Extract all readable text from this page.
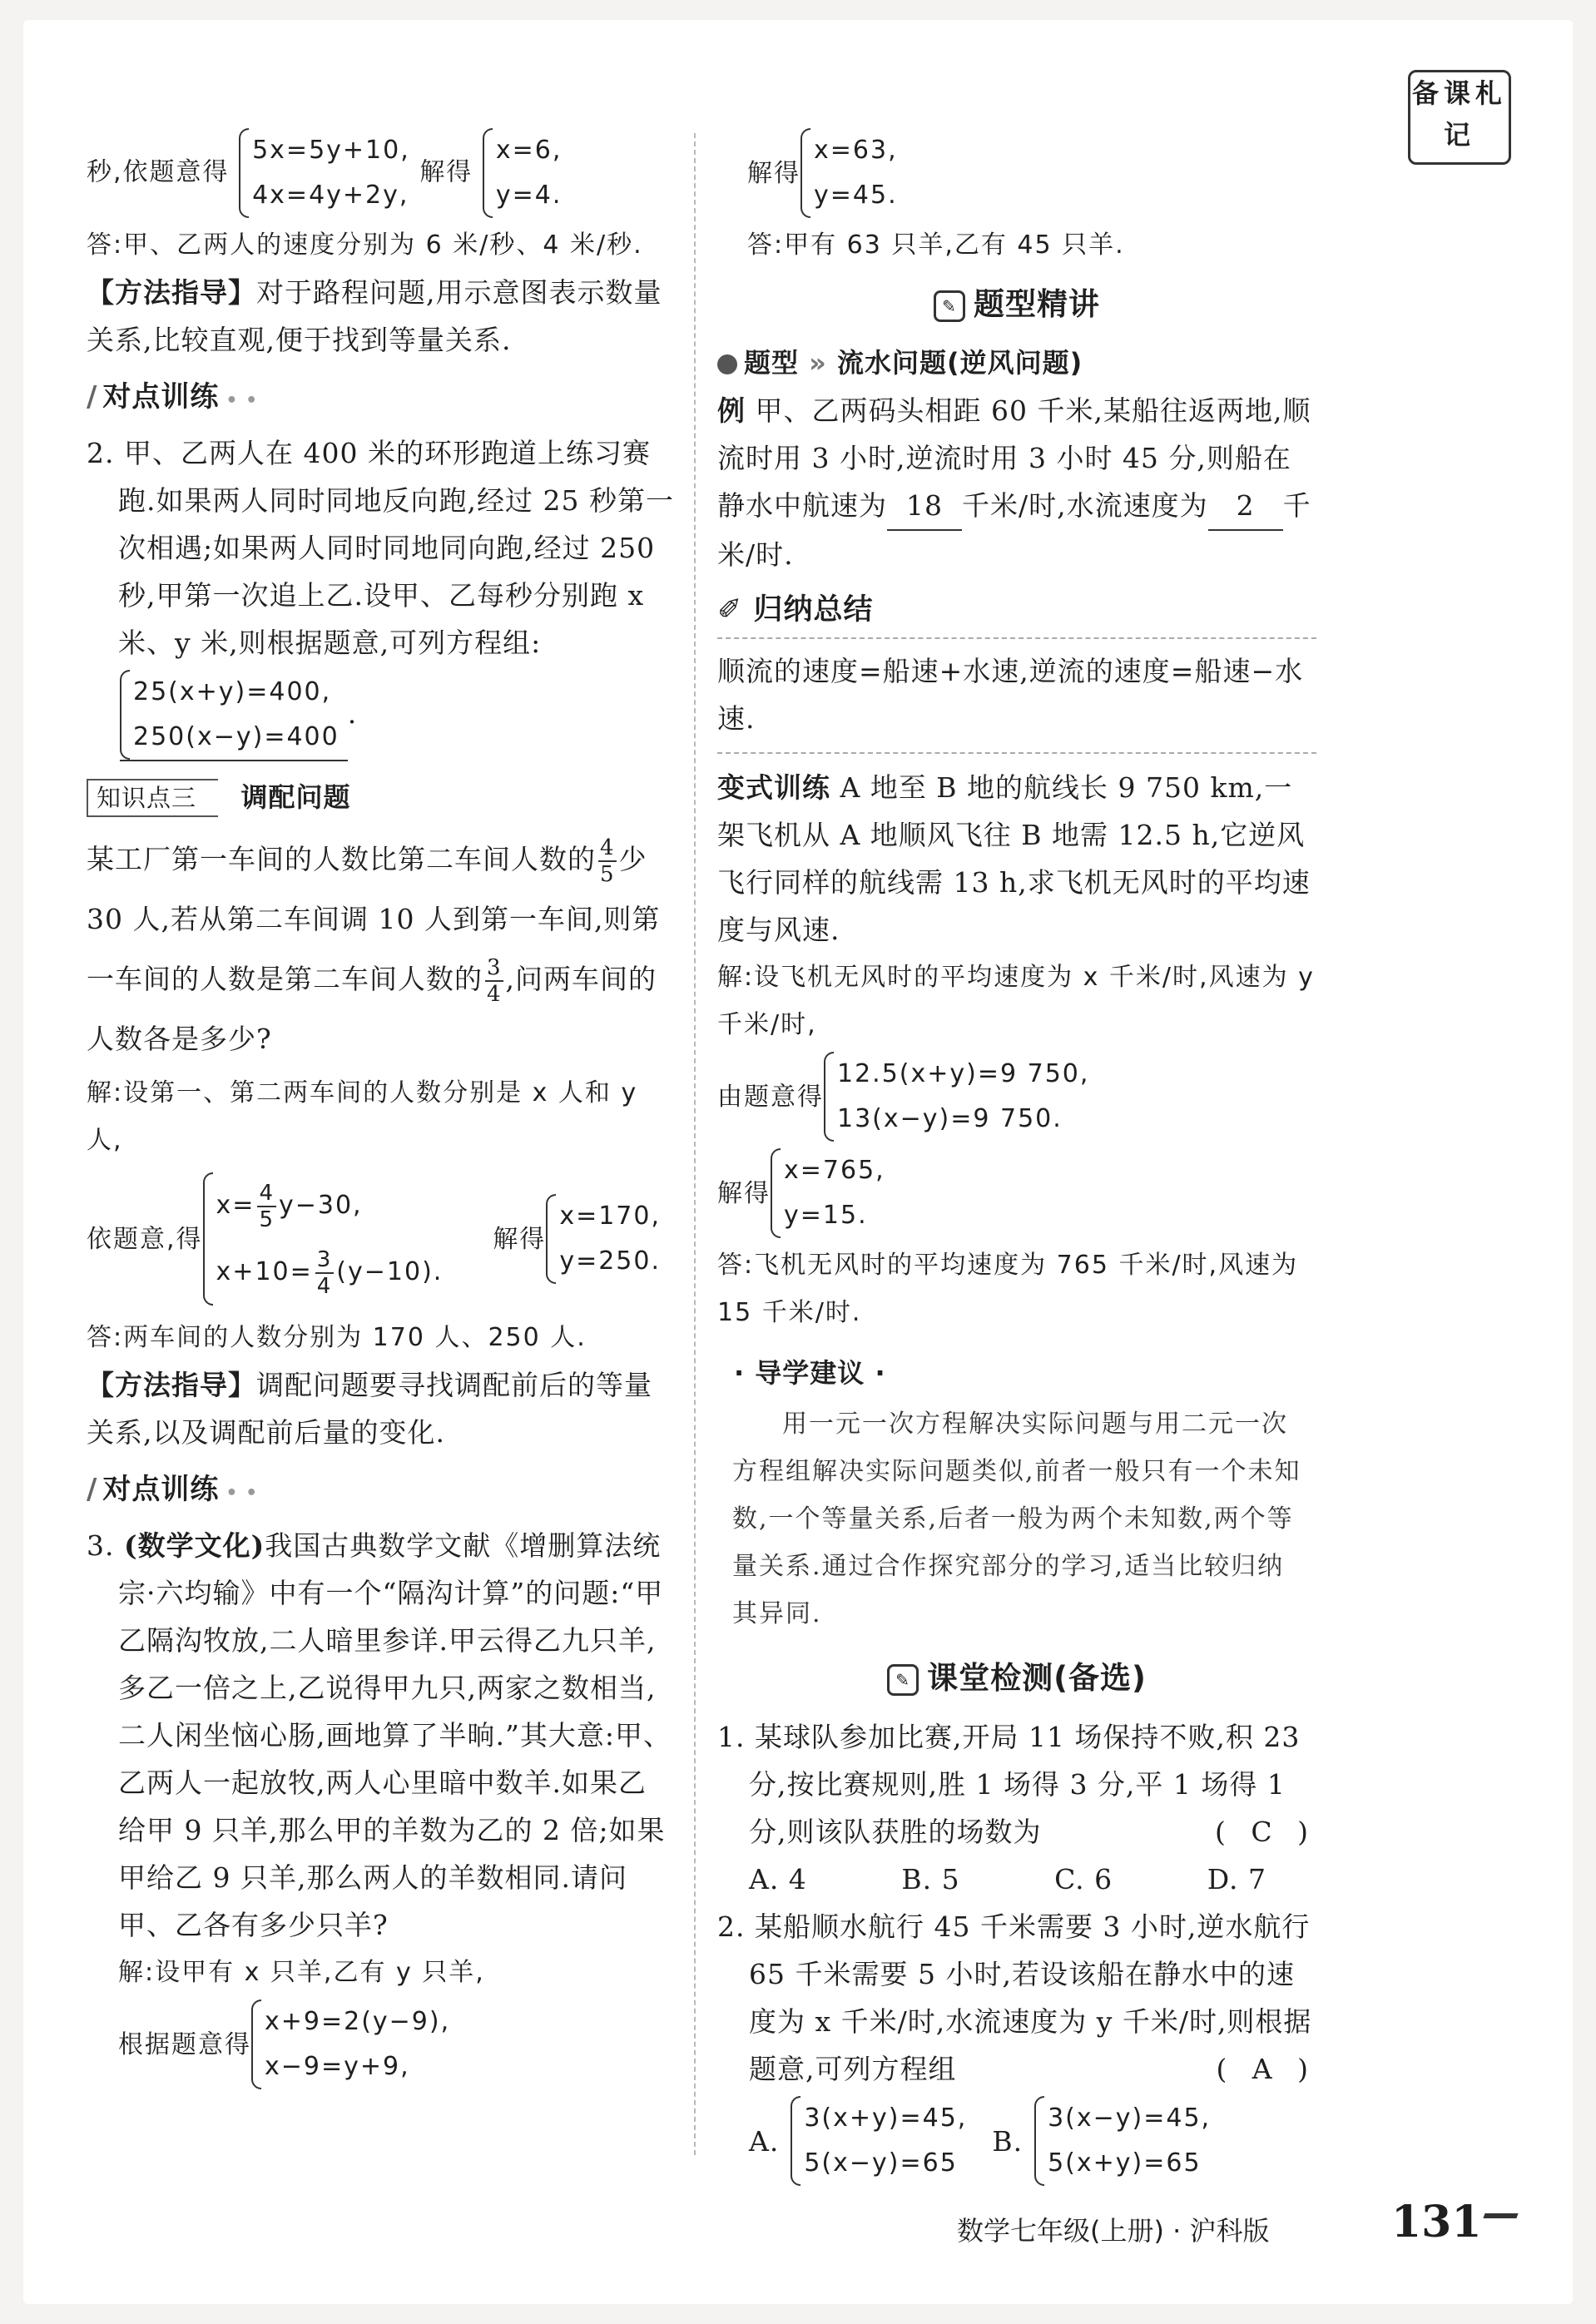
备课札记

秒,依题意得
5x=5y+10,
4x=4y+2y,
解得
x=6,
y=4.

答:甲、乙两人的速度分别为 6 米/秒、4 米/秒.

【方法指导】对于路程问题,用示意图表示数量关系,比较直观,便于找到等量关系.

/ 对点训练 • •

2. 甲、乙两人在 400 米的环形跑道上练习赛跑.如果两人同时同地反向跑,经过 25 秒第一次相遇;如果两人同时同地同向跑,经过 250 秒,甲第一次追上乙.设甲、乙每秒分别跑 x 米、y 米,则根据题意,可列方程组:

25(x+y)=400,
250(x−y)=400
.

知识点三 调配问题

某工厂第一车间的人数比第二车间人数的 $\frac{4}{5}$ 少 30 人,若从第二车间调 10 人到第一车间,则第一车间的人数是第二车间人数的 $\frac{3}{4}$ ,问两车间的人数各是多少?

解:设第一、第二两车间的人数分别是 x 人和 y 人,

依题意,得
$x= \frac{4}{5} y-30$,
$x+10= \frac{3}{4} (y-10)$.
解得
x=170,
y=250.

答:两车间的人数分别为 170 人、250 人.

【方法指导】调配问题要寻找调配前后的等量关系,以及调配前后量的变化.

/ 对点训练 • •

3. (数学文化)我国古典数学文献《增删算法统宗·六均输》中有一个“隔沟计算”的问题:“甲乙隔沟牧放,二人暗里参详.甲云得乙九只羊,多乙一倍之上,乙说得甲九只,两家之数相当,二人闲坐恼心肠,画地算了半晌.”其大意:甲、乙两人一起放牧,两人心里暗中数羊.如果乙给甲 9 只羊,那么甲的羊数为乙的 2 倍;如果甲给乙 9 只羊,那么两人的羊数相同.请问甲、乙各有多少只羊?

解:设甲有 x 只羊,乙有 y 只羊,

根据题意得
x+9=2(y−9),
x−9=y+9,
解得
x=63,
y=45.

答:甲有 63 只羊,乙有 45 只羊.

✎ 题型精讲
题型 » 流水问题(逆风问题)

例 甲、乙两码头相距 60 千米,某船往返两地,顺流时用 3 小时,逆流时用 3 小时 45 分,则船在静水中航速为 18 千米/时,水流速度为 2 千米/时.

✐ 归纳总结

顺流的速度=船速+水速,逆流的速度=船速−水速.

变式训练 A 地至 B 地的航线长 9 750 km,一架飞机从 A 地顺风飞往 B 地需 12.5 h,它逆风飞行同样的航线需 13 h,求飞机无风时的平均速度与风速.

解:设飞机无风时的平均速度为 x 千米/时,风速为 y 千米/时,

由题意得
12.5(x+y)=9 750,
13(x−y)=9 750.
解得
x=765,
y=15.

答:飞机无风时的平均速度为 765 千米/时,风速为 15 千米/时.

· 导学建议 ·

用一元一次方程解决实际问题与用二元一次方程组解决实际问题类似,前者一般只有一个未知数,一个等量关系,后者一般为两个未知数,两个等量关系.通过合作探究部分的学习,适当比较归纳其异同.

✎ 课堂检测(备选)

1. 某球队参加比赛,开局 11 场保持不败,积 23 分,按比赛规则,胜 1 场得 3 分,平 1 场得 1 分,则该队获胜的场数为	( C )

A. 4	B. 5	C. 6	D. 7

2. 某船顺水航行 45 千米需要 3 小时,逆水航行 65 千米需要 5 小时,若设该船在静水中的速度为 x 千米/时,水流速度为 y 千米/时,则根据题意,可列方程组	( A )

A.
3(x+y)=45,
5(x−y)=65
B.
3(x−y)=45,
5(x+y)=65
数学七年级(上册) · 沪科版	131
